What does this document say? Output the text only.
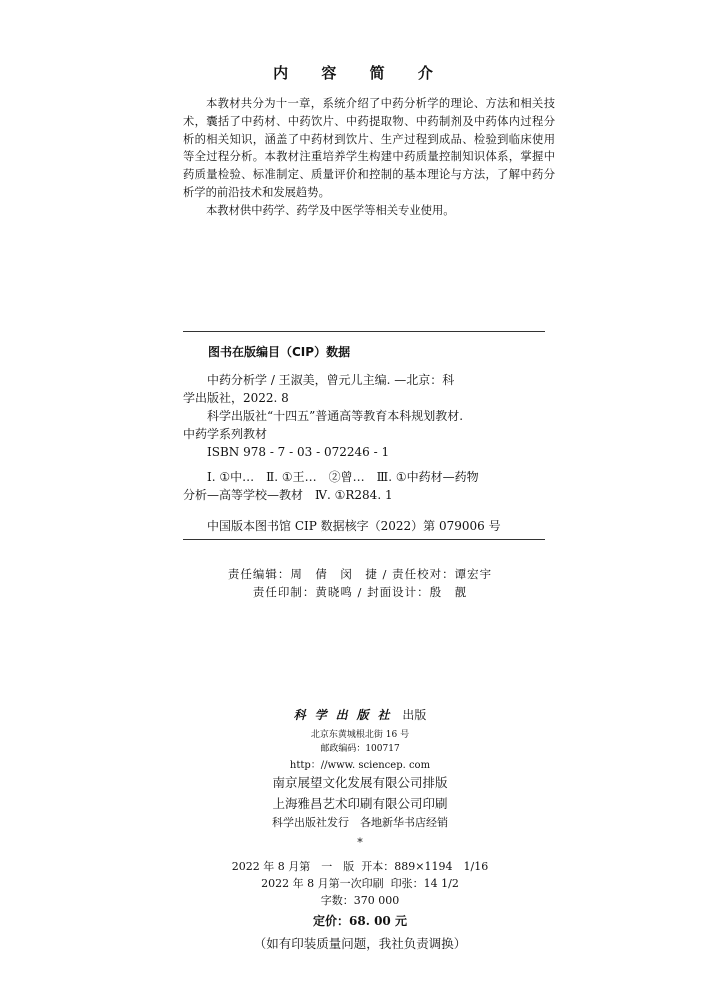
内 容 简 介

本教材共分为十一章，系统介绍了中药分析学的理论、方法和相关技术，囊括了中药材、中药饮片、中药提取物、中药制剂及中药体内过程分析的相关知识，涵盖了中药材到饮片、生产过程到成品、检验到临床使用等全过程分析。本教材注重培养学生构建中药质量控制知识体系，掌握中药质量检验、标准制定、质量评价和控制的基本理论与方法，了解中药分析学的前沿技术和发展趋势。

本教材供中药学、药学及中医学等相关专业使用。

图书在版编目（CIP）数据
中药分析学 / 王淑美，曾元儿主编. —北京：科
学出版社，2022. 8
科学出版社“十四五”普通高等教育本科规划教材.
中药学系列教材
ISBN 978 - 7 - 03 - 072246 - 1
Ⅰ. ①中…　Ⅱ. ①王…　②曾…　Ⅲ. ①中药材—药物
分析—高等学校—教材　Ⅳ. ①R284. 1
中国版本图书馆 CIP 数据核字（2022）第 079006 号
责任编辑：周　倩　闵　捷 / 责任校对：谭宏宇
责任印制：黄晓鸣 / 封面设计：殷　靓
科学出版社 出版
北京东黄城根北街 16 号
邮政编码：100717
http：//www. sciencep. com
南京展望文化发展有限公司排版
上海雅昌艺术印刷有限公司印刷
科学出版社发行　各地新华书店经销
*
2022 年 8 月第　一　版 开本：889×1194　1/16
2022 年 8 月第一次印刷 印张：14 1/2
字数：370 000
定价：68. 00 元
（如有印装质量问题，我社负责调换）
